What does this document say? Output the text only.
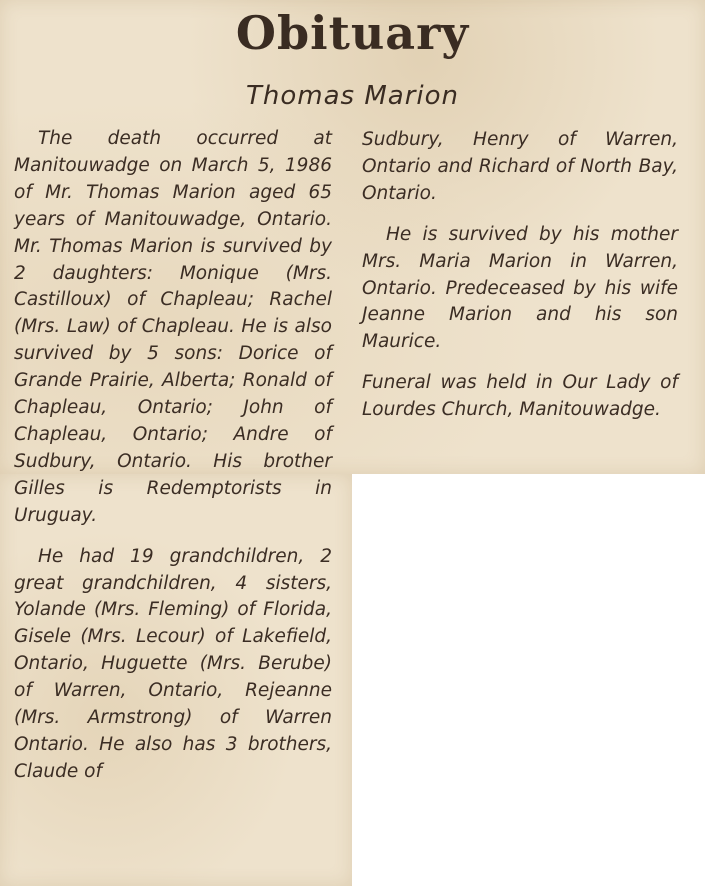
Obituary
Thomas Marion

The death occurred at Manitouwadge on March 5, 1986 of Mr. Thomas Marion aged 65 years of Manitouwadge, Ontario. Mr. Thomas Marion is survived by 2 daughters: Monique (Mrs. Castilloux) of Chapleau; Rachel (Mrs. Law) of Chapleau. He is also survived by 5 sons: Dorice of Grande Prairie, Alberta; Ronald of Chapleau, Ontario; John of Chapleau, Ontario; Andre of Sudbury, Ontario. His brother Gilles is Redemptorists in Uruguay.

He had 19 grandchildren, 2 great grandchildren, 4 sisters, Yolande (Mrs. Fleming) of Florida, Gisele (Mrs. Lecour) of Lakefield, Ontario, Huguette (Mrs. Berube) of Warren, Ontario, Rejeanne (Mrs. Armstrong) of Warren Ontario. He also has 3 brothers, Claude of

Sudbury, Henry of Warren, Ontario and Richard of North Bay, Ontario.

He is survived by his mother Mrs. Maria Marion in Warren, Ontario. Predeceased by his wife Jeanne Marion and his son Maurice.

Funeral was held in Our Lady of Lourdes Church, Manitouwadge.
